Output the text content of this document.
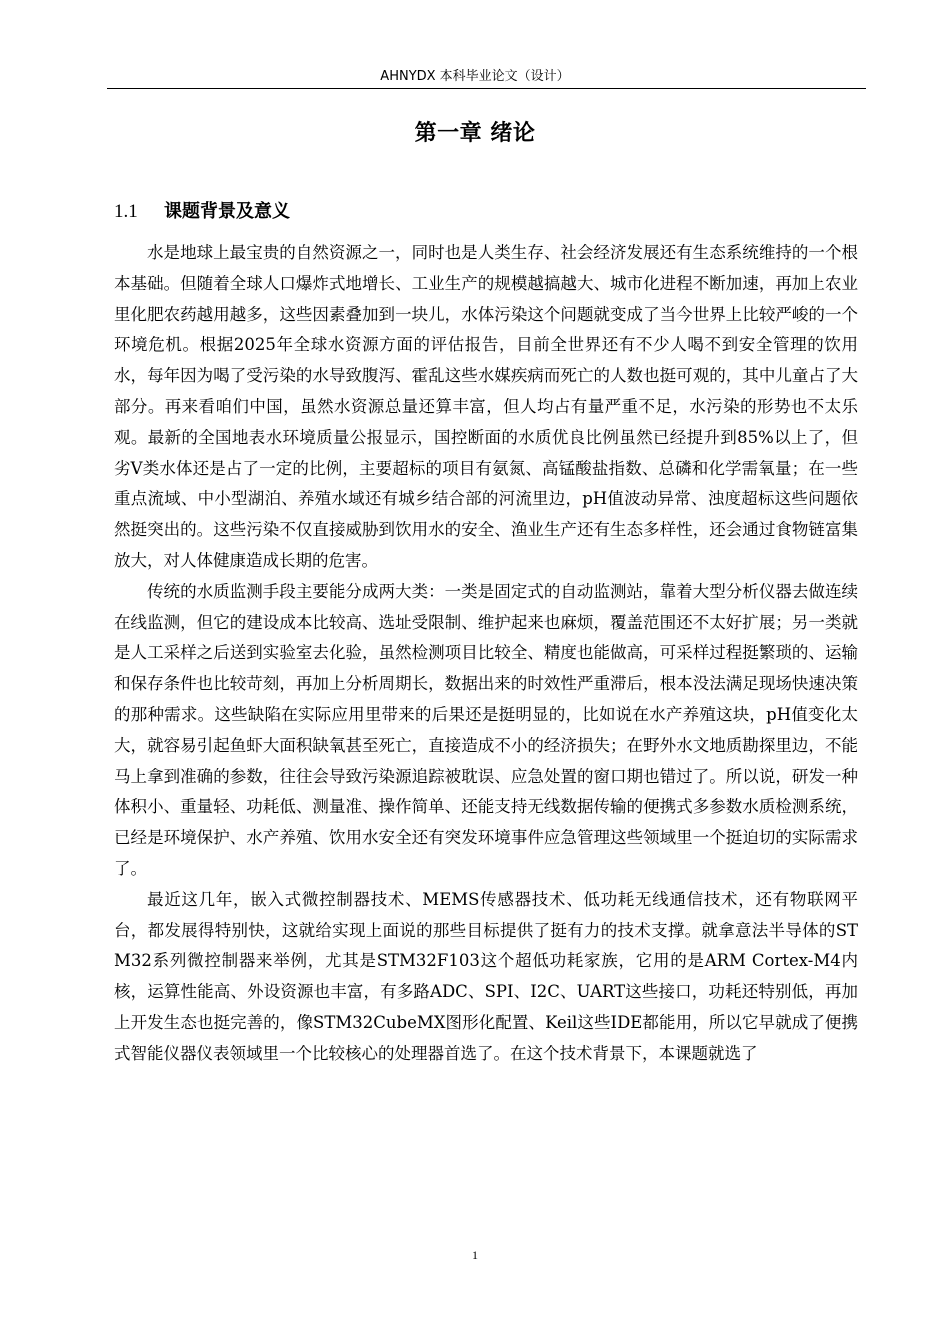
AHNYDX 本科毕业论文（设计）
第一章 绪论
1.1 课题背景及意义

水是地球上最宝贵的自然资源之一，同时也是人类生存、社会经济发展还有生态系统维持的一个根本基础。但随着全球人口爆炸式地增长、工业生产的规模越搞越大、城市化进程不断加速，再加上农业里化肥农药越用越多，这些因素叠加到一块儿，水体污染这个问题就变成了当今世界上比较严峻的一个环境危机。根据2025年全球水资源方面的评估报告，目前全世界还有不少人喝不到安全管理的饮用水，每年因为喝了受污染的水导致腹泻、霍乱这些水媒疾病而死亡的人数也挺可观的，其中儿童占了大部分。再来看咱们中国，虽然水资源总量还算丰富，但人均占有量严重不足，水污染的形势也不太乐观。最新的全国地表水环境质量公报显示，国控断面的水质优良比例虽然已经提升到85%以上了，但劣V类水体还是占了一定的比例，主要超标的项目有氨氮、高锰酸盐指数、总磷和化学需氧量；在一些重点流域、中小型湖泊、养殖水域还有城乡结合部的河流里边，pH值波动异常、浊度超标这些问题依然挺突出的。这些污染不仅直接威胁到饮用水的安全、渔业生产还有生态多样性，还会通过食物链富集放大，对人体健康造成长期的危害。

传统的水质监测手段主要能分成两大类：一类是固定式的自动监测站，靠着大型分析仪器去做连续在线监测，但它的建设成本比较高、选址受限制、维护起来也麻烦，覆盖范围还不太好扩展；另一类就是人工采样之后送到实验室去化验，虽然检测项目比较全、精度也能做高，可采样过程挺繁琐的、运输和保存条件也比较苛刻，再加上分析周期长，数据出来的时效性严重滞后，根本没法满足现场快速决策的那种需求。这些缺陷在实际应用里带来的后果还是挺明显的，比如说在水产养殖这块，pH值变化太大，就容易引起鱼虾大面积缺氧甚至死亡，直接造成不小的经济损失；在野外水文地质勘探里边，不能马上拿到准确的参数，往往会导致污染源追踪被耽误、应急处置的窗口期也错过了。所以说，研发一种体积小、重量轻、功耗低、测量准、操作简单、还能支持无线数据传输的便携式多参数水质检测系统，已经是环境保护、水产养殖、饮用水安全还有突发环境事件应急管理这些领域里一个挺迫切的实际需求了。

最近这几年，嵌入式微控制器技术、MEMS传感器技术、低功耗无线通信技术，还有物联网平台，都发展得特别快，这就给实现上面说的那些目标提供了挺有力的技术支撑。就拿意法半导体的STM32系列微控制器来举例，尤其是STM32F103这个超低功耗家族，它用的是ARM Cortex-M4内核，运算性能高、外设资源也丰富，有多路ADC、SPI、I2C、UART这些接口，功耗还特别低，再加上开发生态也挺完善的，像STM32CubeMX图形化配置、Keil这些IDE都能用，所以它早就成了便携式智能仪器仪表领域里一个比较核心的处理器首选了。在这个技术背景下，本课题就选了

1
